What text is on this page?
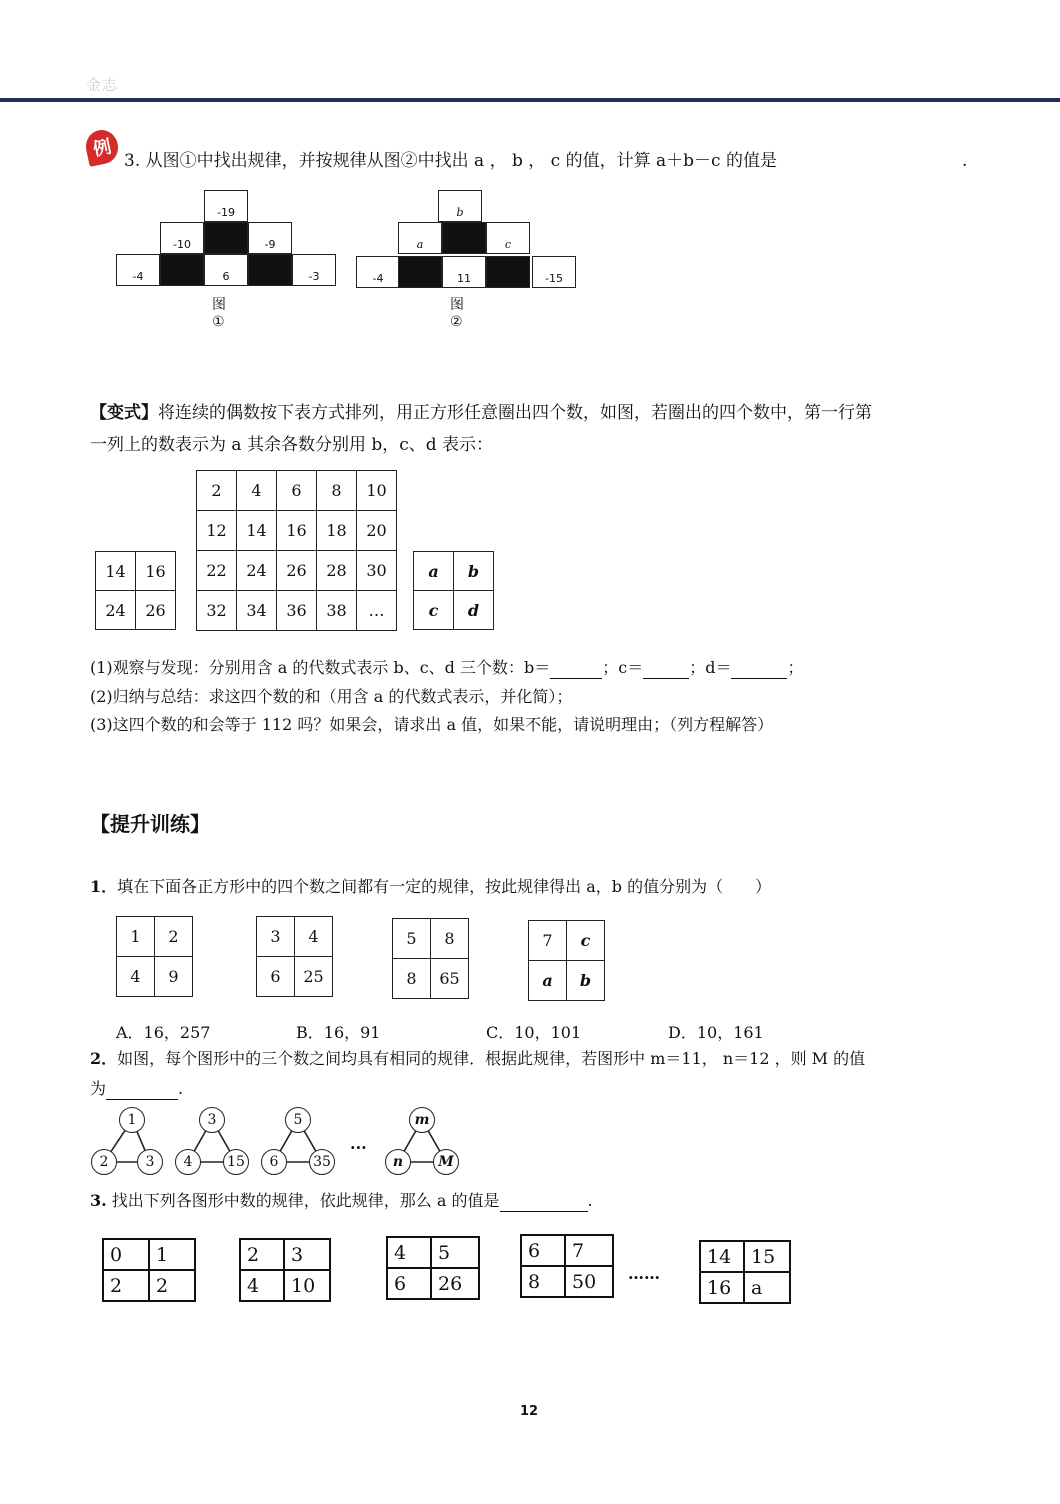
金志
例
3. 从图①中找出规律，并按规律从图②中找出 a ， b ， c 的值，计算 a＋b－c 的值是	.
-19
-10	-9
-4	6	-3
图①
b
a	c
-4	11	-15
图②
【变式】将连续的偶数按下表方式排列，用正方形任意圈出四个数，如图，若圈出的四个数中，第一行第
一列上的数表示为 a 其余各数分别用 b，c、d 表示：
14	16
24	26
2	4	6	8	10
12	14	16	18	20
22	24	26	28	30
32	34	36	38	…
a	b
c	d
(1)观察与发现：分别用含 a 的代数式表示 b、c、d 三个数：b＝	；c＝	；d＝	；
(2)归纳与总结：求这四个数的和（用含 a 的代数式表示，并化简）；
(3)这四个数的和会等于 112 吗？如果会，请求出 a 值，如果不能，请说明理由；（列方程解答）
【提升训练】
1．填在下面各正方形中的四个数之间都有一定的规律，按此规律得出 a，b 的值分别为（　　）
1	2
4	9
3	4
6	25
5	8
8	65
7	c
a	b
A．16，257	B．16，91	C．10，101	D．10，161
2．如图，每个图形中的三个数之间均具有相同的规律．根据此规律，若图形中 m＝11， n＝12 ，则 M 的值
为	.
1
2	3
3
4	15
5
6	35
···
m
n	M
3. 找出下列各图形中数的规律，依此规律，那么 a 的值是	.
0	1
2	2
2	3
4	10
4	5
6	26
6	7
8	50 ……
14	15
16	a
12
